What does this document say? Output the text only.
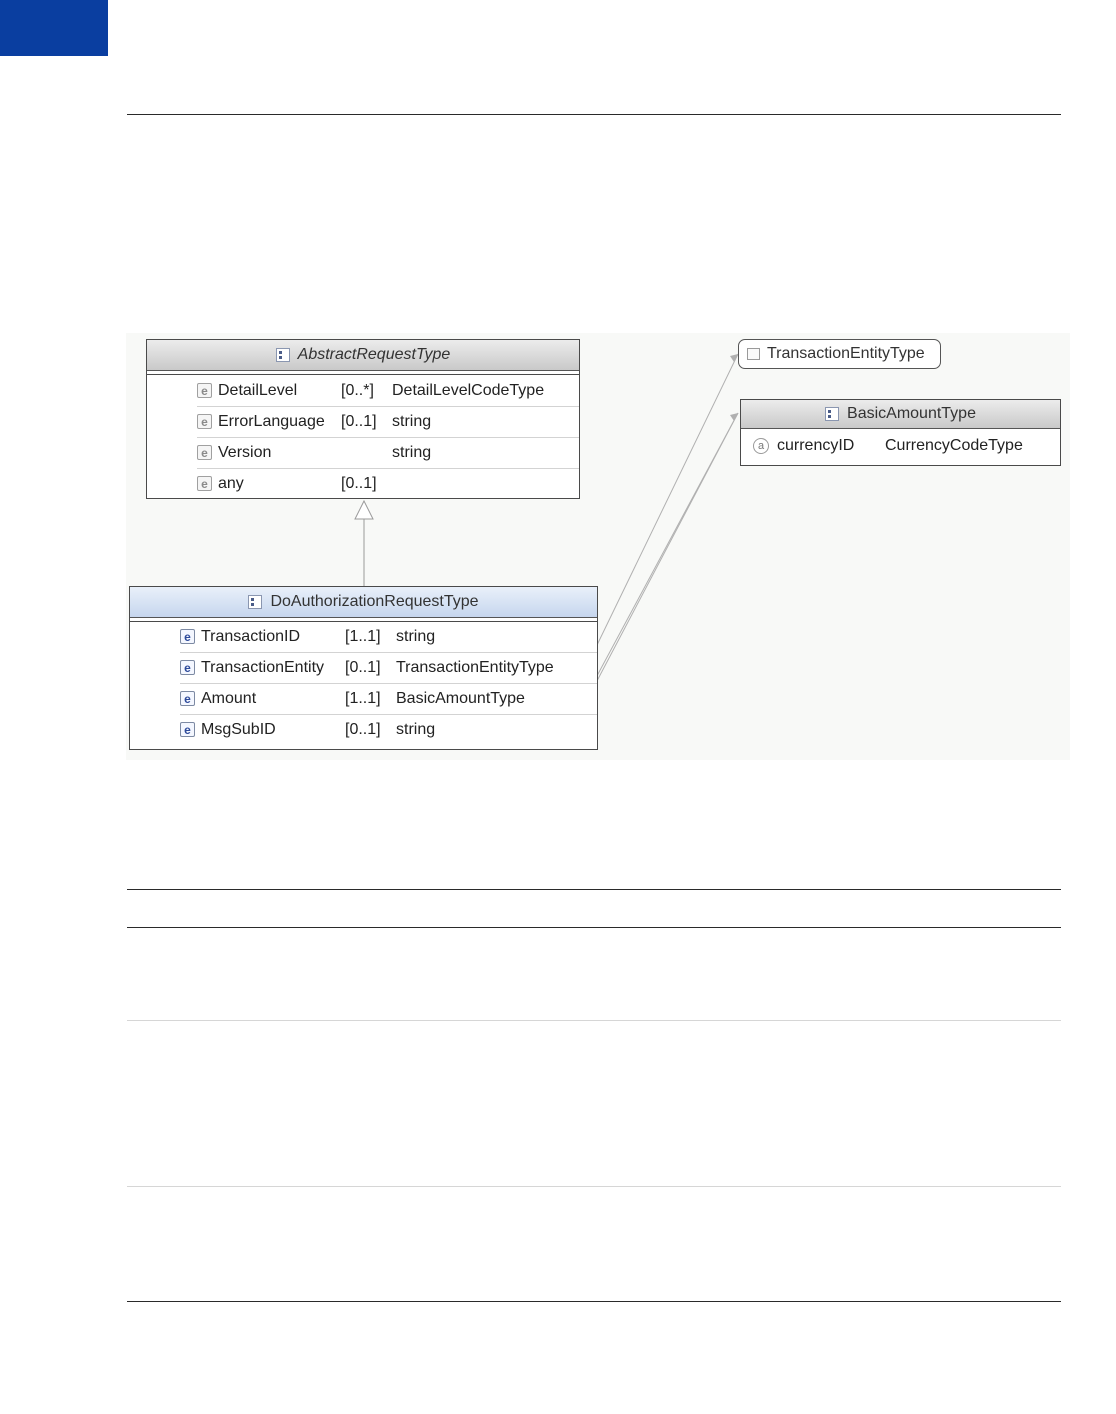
AbstractRequestType
e DetailLevel	[0..*]	DetailLevelCodeType
e ErrorLanguage	[0..1] string
e Version	string
e any	[0..1]
DoAuthorizationRequestType
e TransactionID	[1..1] string
e TransactionEntity	[0..1] TransactionEntityType
e Amount	[1..1] BasicAmountType
e MsgSubID	[0..1] string
TransactionEntityType
BasicAmountType
a currencyID	CurrencyCodeType
